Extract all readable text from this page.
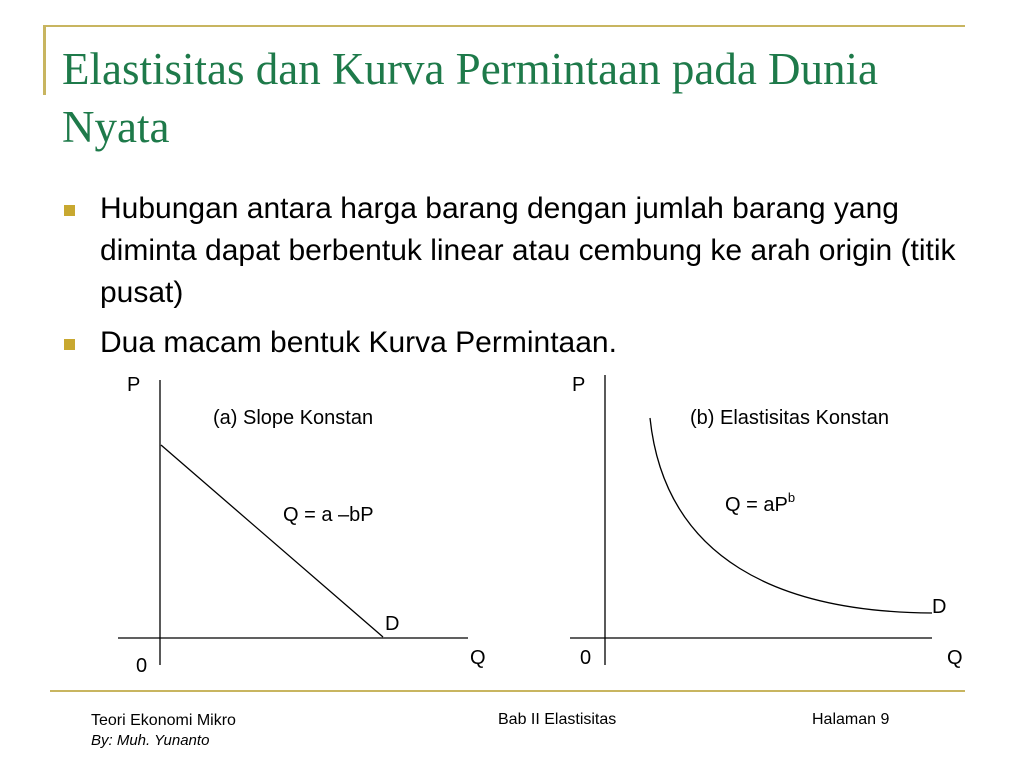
Elastisitas dan Kurva Permintaan pada Dunia Nyata
Hubungan antara harga barang dengan jumlah barang yang diminta dapat berbentuk linear atau cembung ke arah origin (titik pusat)
Dua macam bentuk Kurva Permintaan.
P
Q
0
(a) Slope Konstan
Q = a –bP
D
P
Q
0
(b) Elastisitas Konstan
$Q = aP^b$
D
Teori Ekonomi Mikro
By: Muh. Yunanto
Bab II Elastisitas	Halaman 9
